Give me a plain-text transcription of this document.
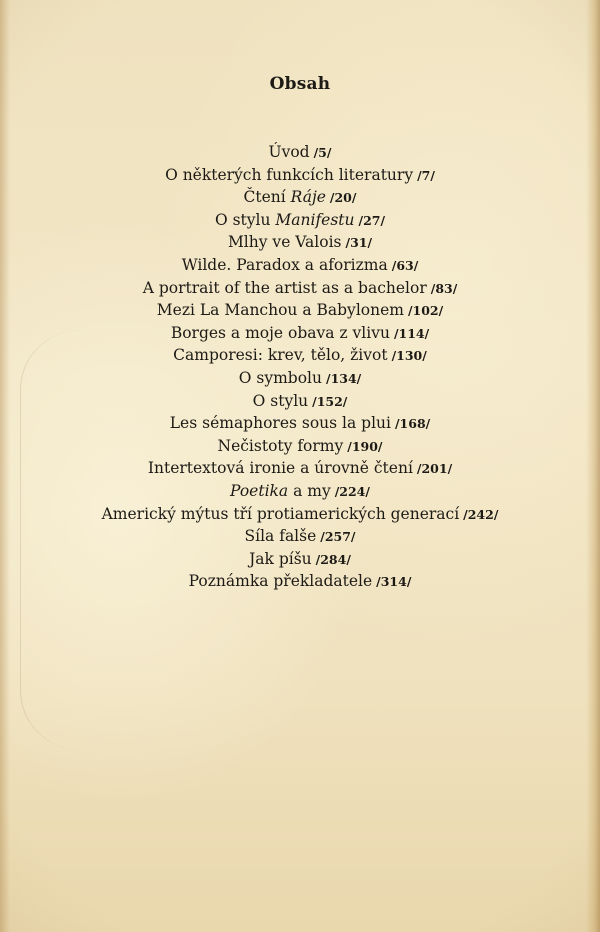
Obsah
Úvod /5/
O některých funkcích literatury /7/
Čtení Ráje /20/
O stylu Manifestu /27/
Mlhy ve Valois /31/
Wilde. Paradox a aforizma /63/
A portrait of the artist as a bachelor /83/
Mezi La Manchou a Babylonem /102/
Borges a moje obava z vlivu /114/
Camporesi: krev, tělo, život /130/
O symbolu /134/
O stylu /152/
Les sémaphores sous la plui /168/
Nečistoty formy /190/
Intertextová ironie a úrovně čtení /201/
Poetika a my /224/
Americký mýtus tří protiamerických generací /242/
Síla falše /257/
Jak píšu /284/
Poznámka překladatele /314/
